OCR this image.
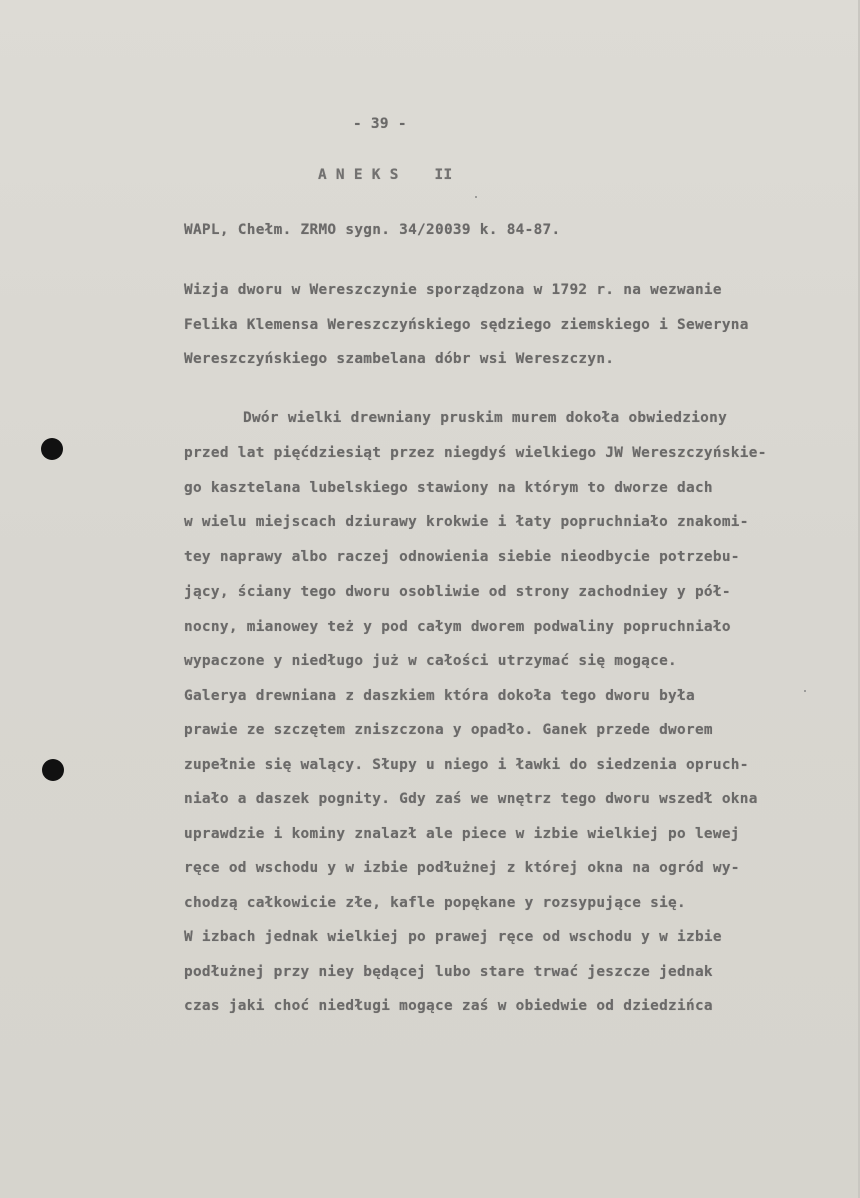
- 39 -
A N E K S    II
WAPL, Chełm. ZRMO sygn. 34/20039 k. 84-87.
Wizja dworu w Wereszczynie sporządzona w 1792 r. na wezwanie
Felika Klemensa Wereszczyńskiego sędziego ziemskiego i Seweryna
Wereszczyńskiego szambelana dóbr wsi Wereszczyn.
Dwór wielki drewniany pruskim murem dokoła obwiedziony
przed lat pięćdziesiąt przez niegdyś wielkiego JW Wereszczyńskie-
go kasztelana lubelskiego stawiony na którym to dworze dach
w wielu miejscach dziurawy krokwie i łaty popruchniało znakomi-
tey naprawy albo raczej odnowienia siebie nieodbycie potrzebu-
jący, ściany tego dworu osobliwie od strony zachodniey y pół-
nocny, mianowey też y pod całym dworem podwaliny popruchniało
wypaczone y niedługo już w całości utrzymać się mogące.
Galerya drewniana z daszkiem która dokoła tego dworu była
prawie ze szczętem zniszczona y opadło. Ganek przede dworem
zupełnie się walący. Słupy u niego i ławki do siedzenia opruch-
niało a daszek pognity. Gdy zaś we wnętrz tego dworu wszedł okna
uprawdzie i kominy znalazł ale piece w izbie wielkiej po lewej
ręce od wschodu y w izbie podłużnej z której okna na ogród wy-
chodzą całkowicie złe, kafle popękane y rozsypujące się.
W izbach jednak wielkiej po prawej ręce od wschodu y w izbie
podłużnej przy niey będącej lubo stare trwać jeszcze jednak
czas jaki choć niedługi mogące zaś w obiedwie od dziedzińca
